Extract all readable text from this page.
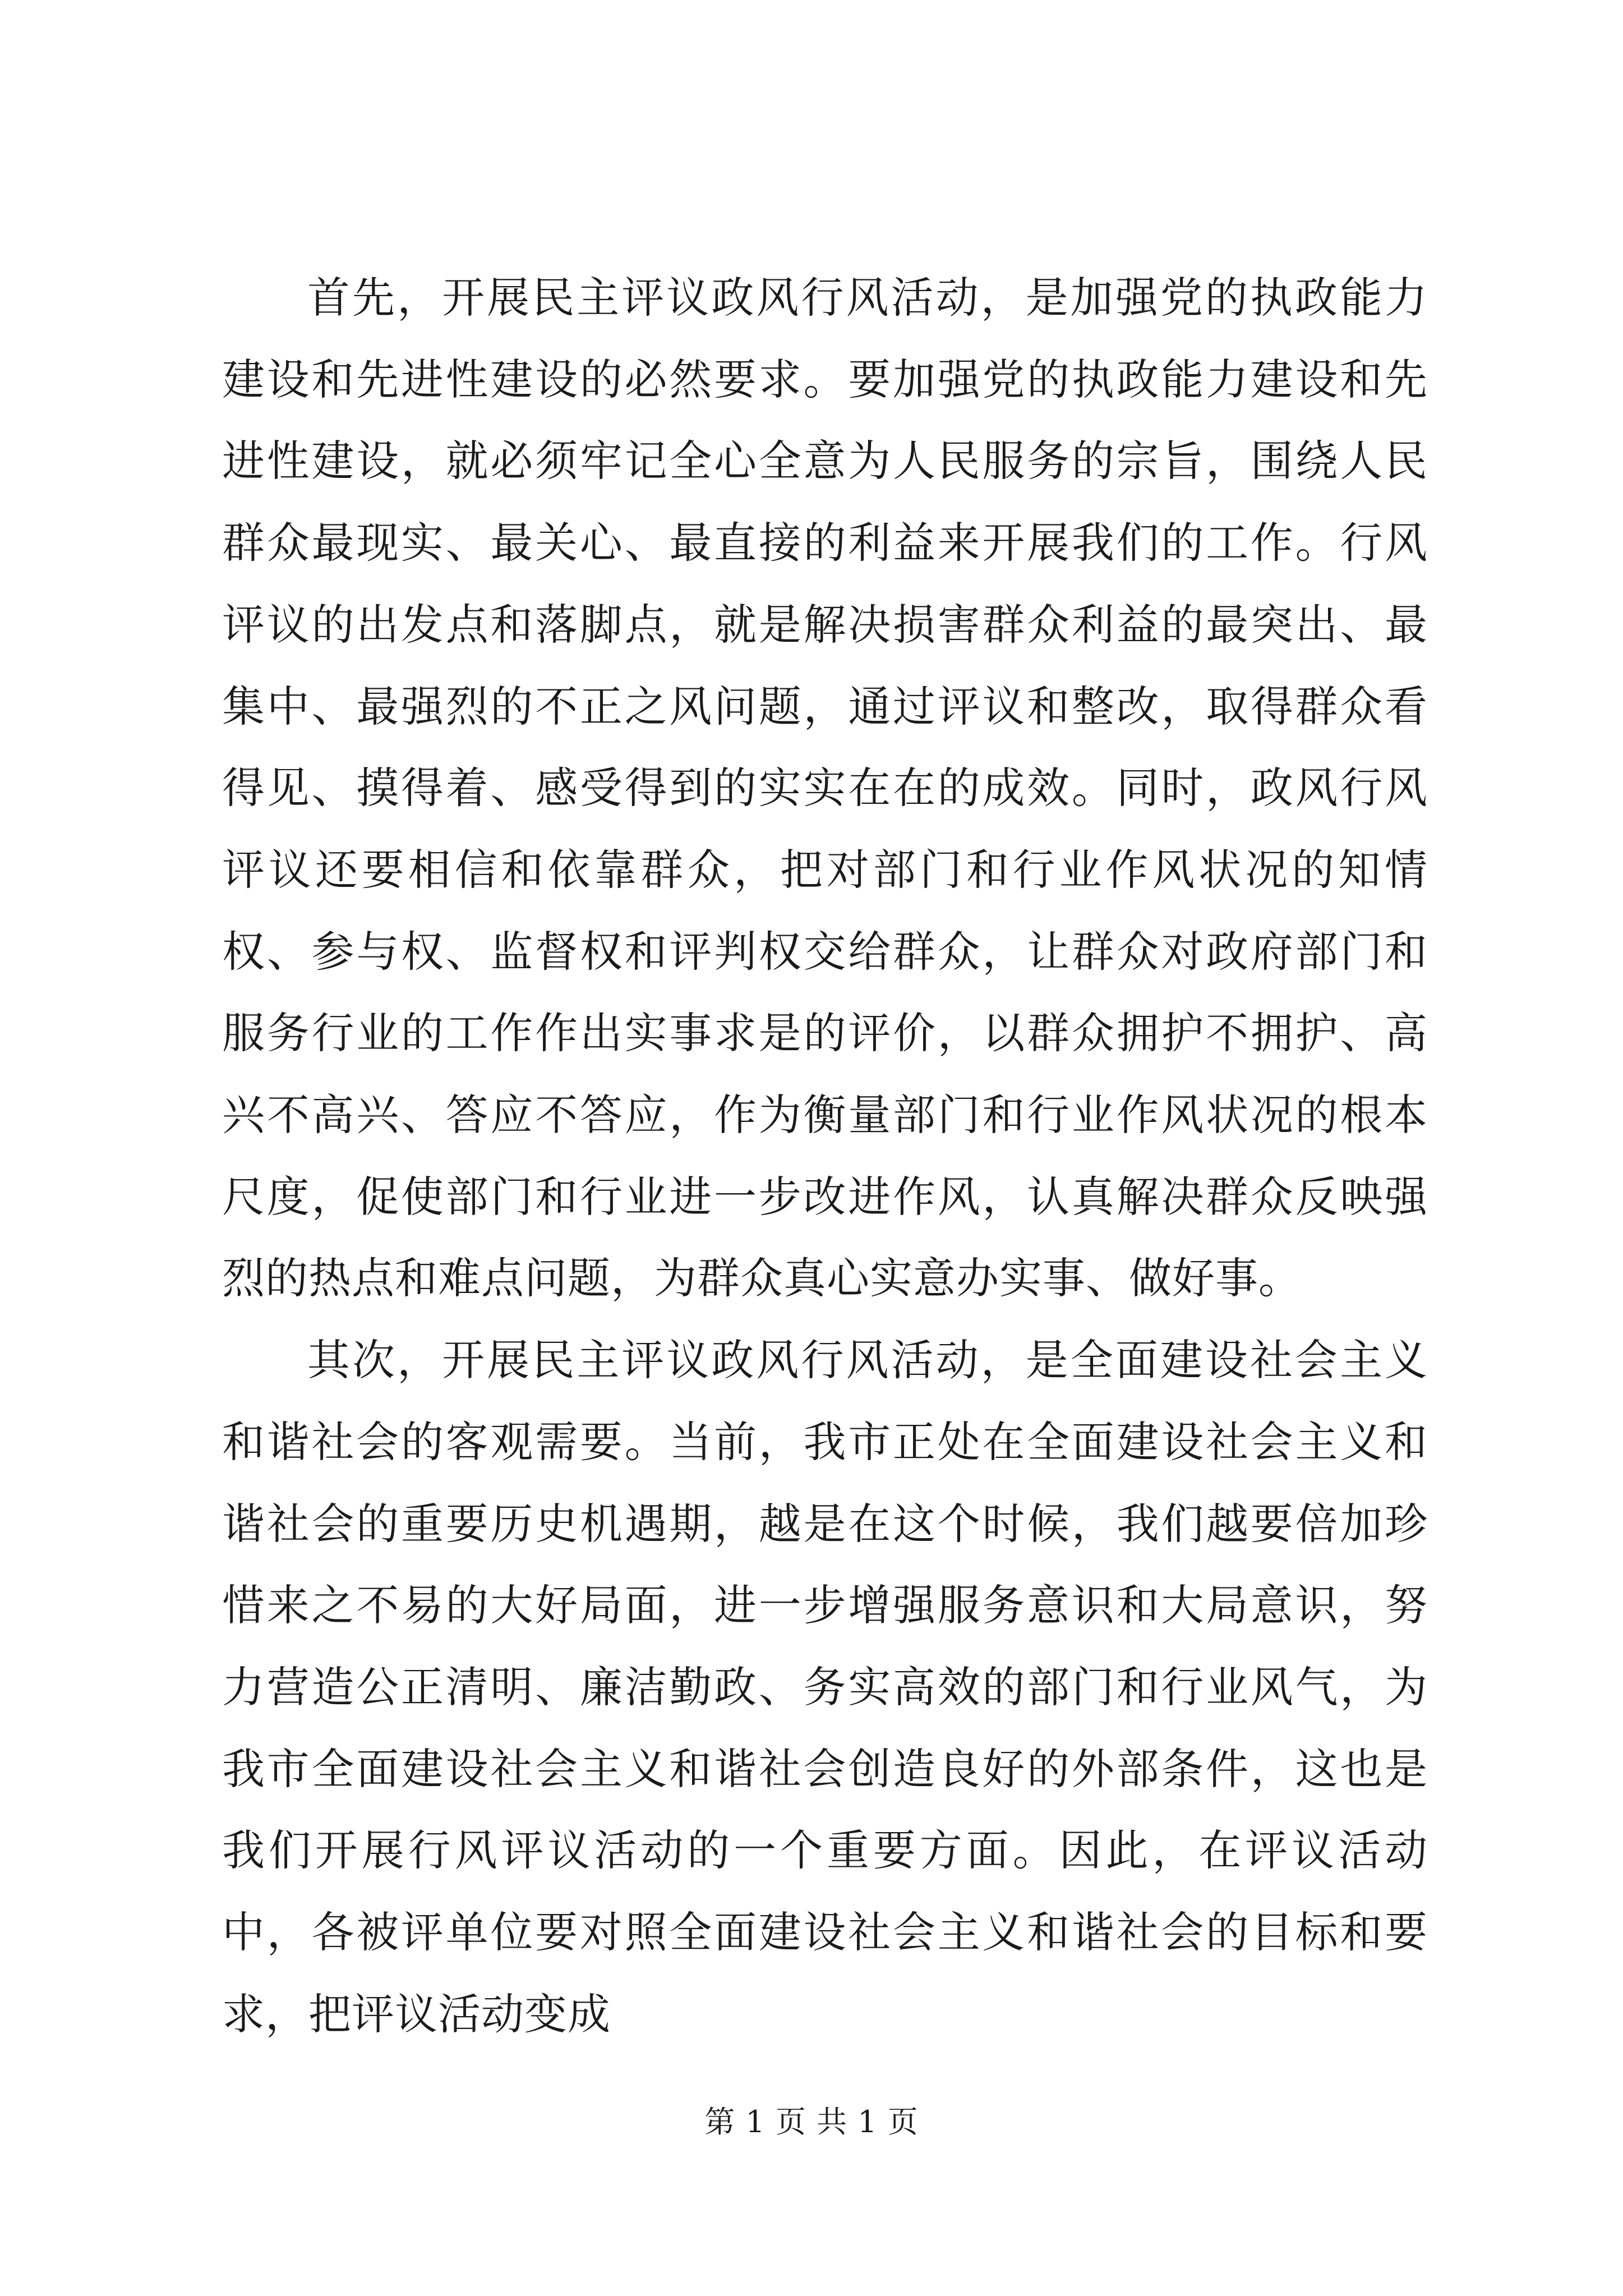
首先，开展民主评议政风行风活动，是加强党的执政能力建设和先进性建设的必然要求。要加强党的执政能力建设和先进性建设，就必须牢记全心全意为人民服务的宗旨，围绕人民群众最现实、最关心、最直接的利益来开展我们的工作。行风评议的出发点和落脚点，就是解决损害群众利益的最突出、最集中、最强烈的不正之风问题，通过评议和整改，取得群众看得见、摸得着、感受得到的实实在在的成效。同时，政风行风评议还要相信和依靠群众，把对部门和行业作风状况的知情权、参与权、监督权和评判权交给群众，让群众对政府部门和服务行业的工作作出实事求是的评价，以群众拥护不拥护、高兴不高兴、答应不答应，作为衡量部门和行业作风状况的根本尺度，促使部门和行业进一步改进作风，认真解决群众反映强烈的热点和难点问题，为群众真心实意办实事、做好事。

其次，开展民主评议政风行风活动，是全面建设社会主义和谐社会的客观需要。当前，我市正处在全面建设社会主义和谐社会的重要历史机遇期，越是在这个时候，我们越要倍加珍惜来之不易的大好局面，进一步增强服务意识和大局意识，努力营造公正清明、廉洁勤政、务实高效的部门和行业风气，为我市全面建设社会主义和谐社会创造良好的外部条件，这也是我们开展行风评议活动的一个重要方面。因此，在评议活动中，各被评单位要对照全面建设社会主义和谐社会的目标和要求，把评议活动变成

第 1 页 共 1 页
